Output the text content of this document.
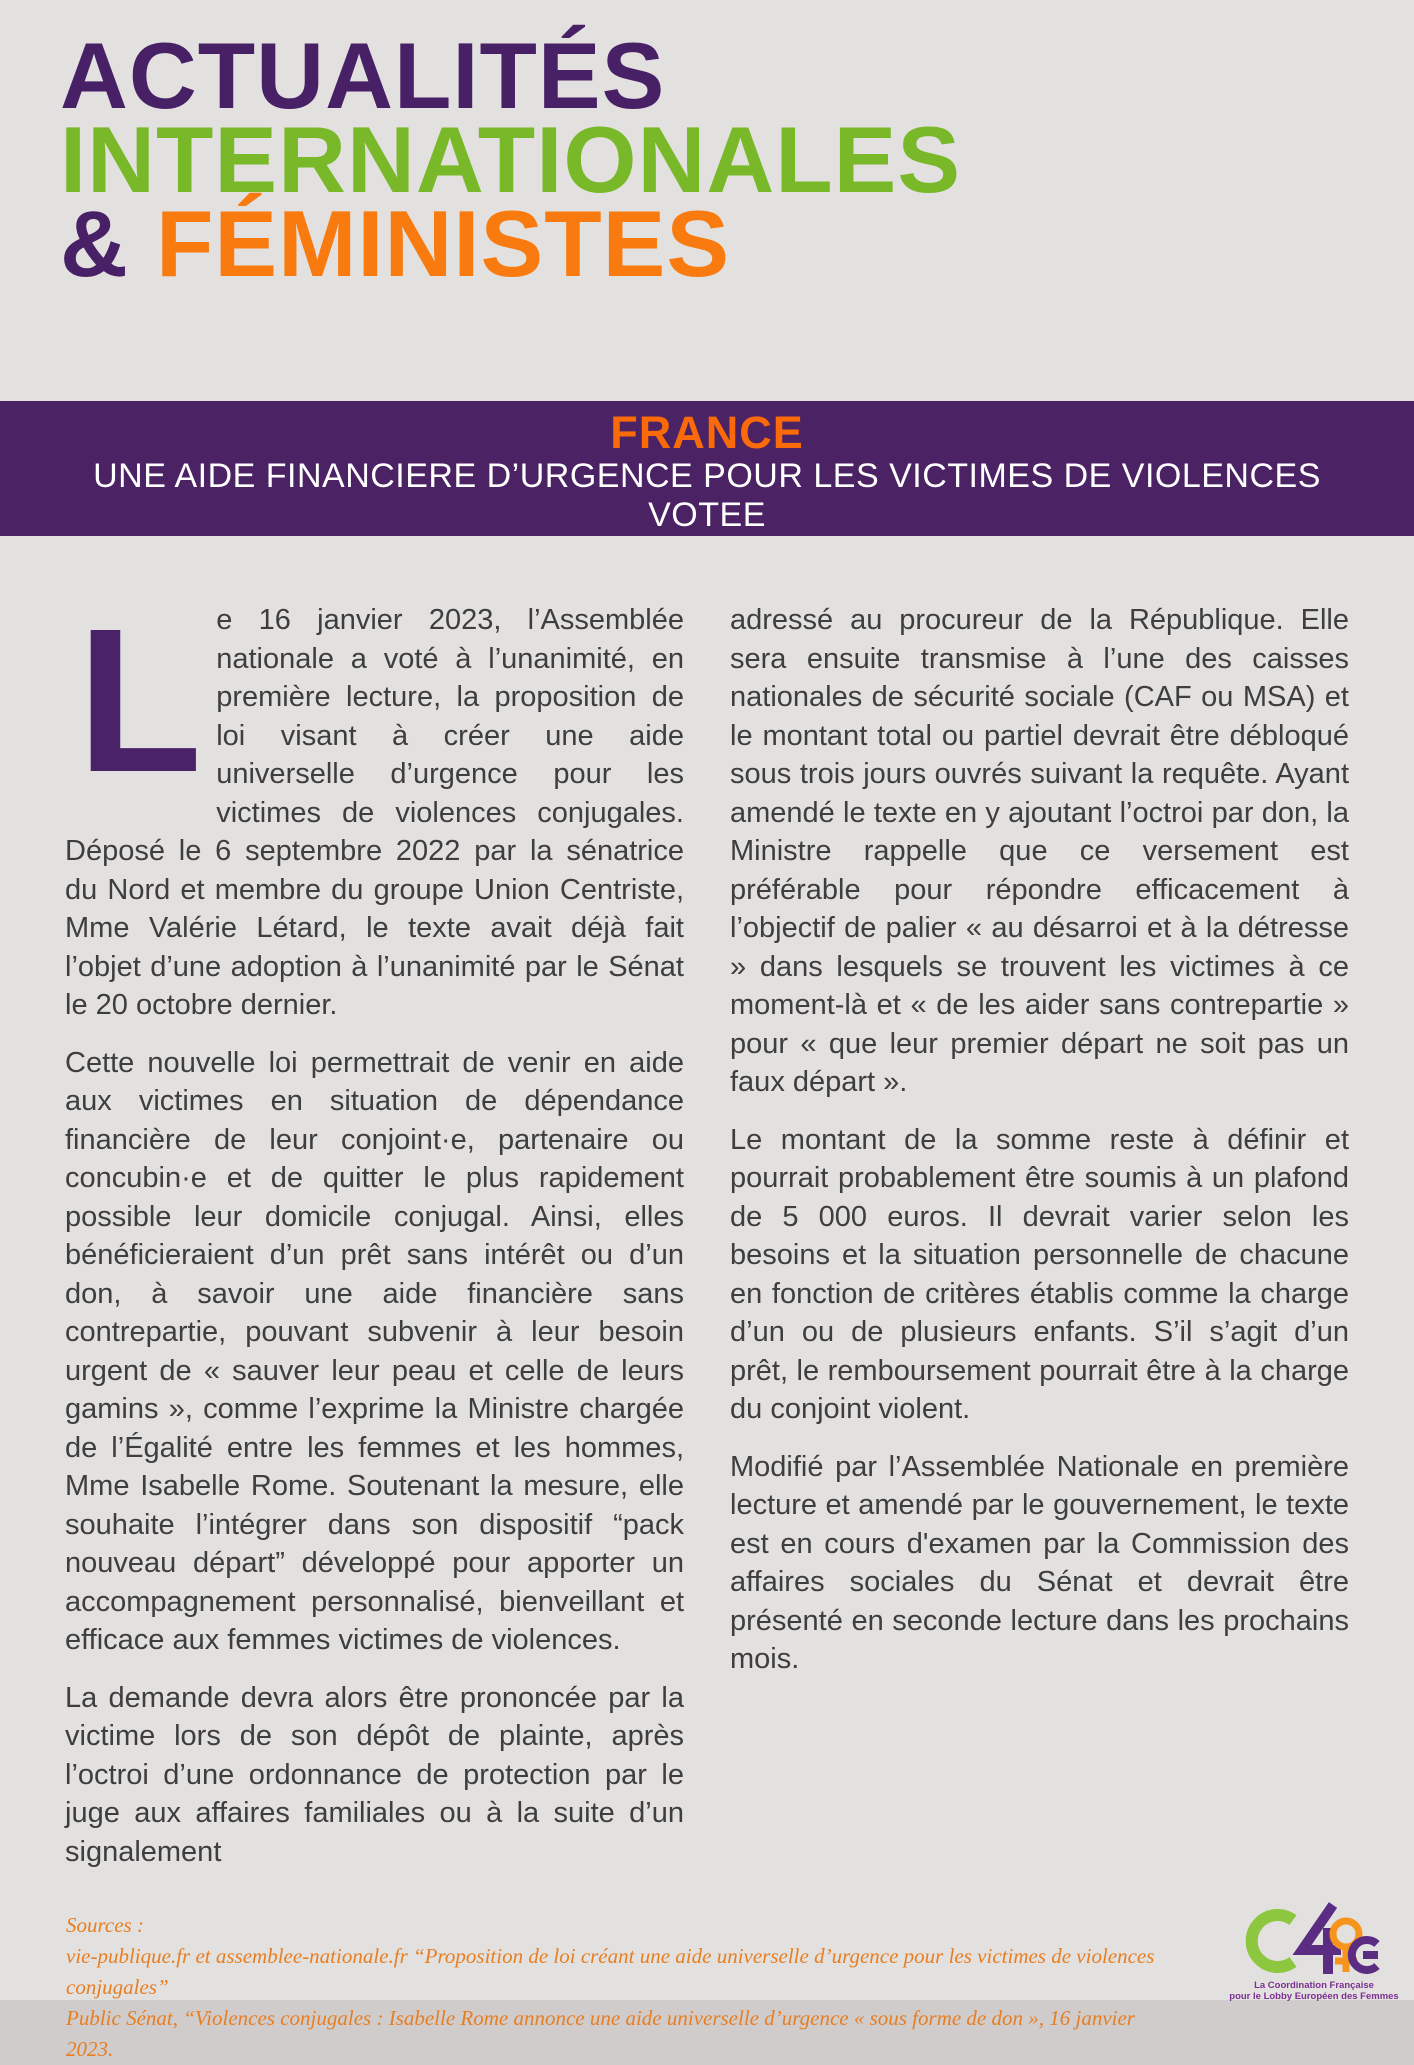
ACTUALITÉS
INTERNATIONALES
& FÉMINISTES
FRANCE
UNE AIDE FINANCIERE D’URGENCE POUR LES VICTIMES DE VIOLENCES
VOTEE

Le 16 janvier 2023, l’Assemblée nationale a voté à l’unanimité, en première lecture, la proposition de loi visant à créer une aide universelle d’urgence pour les victimes de violences conjugales. Déposé le 6 septembre 2022 par la sénatrice du Nord et membre du groupe Union Centriste, Mme Valérie Létard, le texte avait déjà fait l’objet d’une adoption à l’unanimité par le Sénat le 20 octobre dernier.

Cette nouvelle loi permettrait de venir en aide aux victimes en situation de dépendance financière de leur conjoint·e, partenaire ou concubin·e et de quitter le plus rapidement possible leur domicile conjugal. Ainsi, elles bénéficieraient d’un prêt sans intérêt ou d’un don, à savoir une aide financière sans contrepartie, pouvant subvenir à leur besoin urgent de « sauver leur peau et celle de leurs gamins », comme l’exprime la Ministre chargée de l’Égalité entre les femmes et les hommes, Mme Isabelle Rome. Soutenant la mesure, elle souhaite l’intégrer dans son dispositif “pack nouveau départ” développé pour apporter un accompagnement personnalisé, bienveillant et efficace aux femmes victimes de violences.

La demande devra alors être prononcée par la victime lors de son dépôt de plainte, après l’octroi d’une ordonnance de protection par le juge aux affaires familiales ou à la suite d’un signalement

adressé au procureur de la République. Elle sera ensuite transmise à l’une des caisses nationales de sécurité sociale (CAF ou MSA) et le montant total ou partiel devrait être débloqué sous trois jours ouvrés suivant la requête. Ayant amendé le texte en y ajoutant l’octroi par don, la Ministre rappelle que ce versement est préférable pour répondre efficacement à l’objectif de palier « au désarroi et à la détresse » dans lesquels se trouvent les victimes à ce moment-là et « de les aider sans contrepartie » pour « que leur premier départ ne soit pas un faux départ ».

Le montant de la somme reste à définir et pourrait probablement être soumis à un plafond de 5 000 euros. Il devrait varier selon les besoins et la situation personnelle de chacune en fonction de critères établis comme la charge d’un ou de plusieurs enfants. S’il s’agit d’un prêt, le remboursement pourrait être à la charge du conjoint violent.

Modifié par l’Assemblée Nationale en première lecture et amendé par le gouvernement, le texte est en cours d'examen par la Commission des affaires sociales du Sénat et devrait être présenté en seconde lecture dans les prochains mois.

Sources :
vie-publique.fr et assemblee-nationale.fr “Proposition de loi créant une aide universelle d’urgence pour les victimes de violences conjugales”
Public Sénat, “Violences conjugales : Isabelle Rome annonce une aide universelle d’urgence « sous forme de don », 16 janvier 2023.
La Coordination Française
pour le Lobby Européen des Femmes
